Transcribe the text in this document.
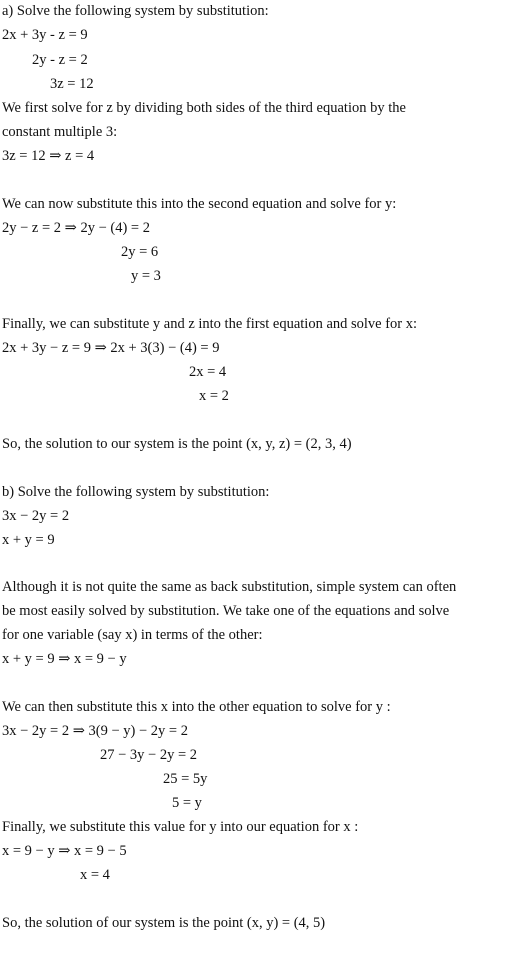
a) Solve the following system by substitution:
2x + 3y - z = 9
2y - z = 2
3z = 12
We first solve for z by dividing both sides of the third equation by the
constant multiple 3:
3z = 12 ⇒ z = 4
We can now substitute this into the second equation and solve for y:
2y − z = 2 ⇒ 2y − (4) = 2
2y = 6
y = 3
Finally, we can substitute y and z into the first equation and solve for x:
2x + 3y − z = 9 ⇒ 2x + 3(3) − (4) = 9
2x = 4
x = 2
So, the solution to our system is the point (x, y, z) = (2, 3, 4)
b) Solve the following system by substitution:
3x − 2y = 2
x + y = 9
Although it is not quite the same as back substitution, simple system can often
be most easily solved by substitution. We take one of the equations and solve
for one variable (say x) in terms of the other:
x + y = 9 ⇒ x = 9 − y
We can then substitute this x into the other equation to solve for y :
3x − 2y = 2 ⇒ 3(9 − y) − 2y = 2
27 − 3y − 2y = 2
25 = 5y
5 = y
Finally, we substitute this value for y into our equation for x :
x = 9 − y ⇒ x = 9 − 5
x = 4
So, the solution of our system is the point (x, y) = (4, 5)
